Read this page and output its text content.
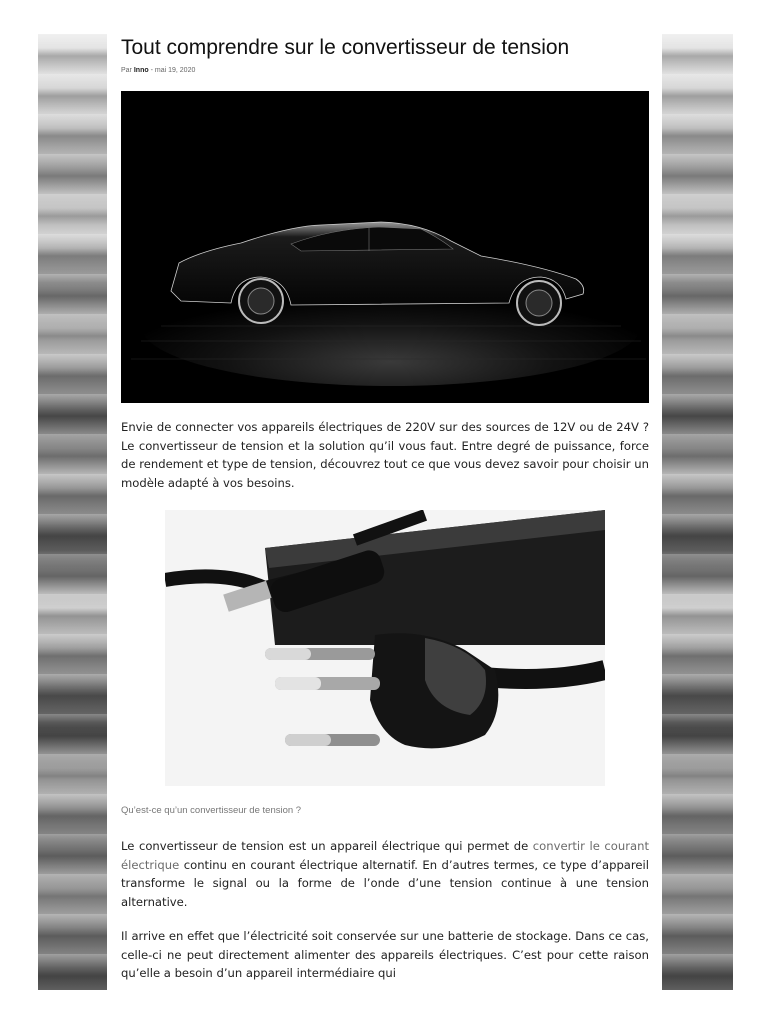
Tout comprendre sur le convertisseur de tension
Par Inno - mai 19, 2020

Envie de connecter vos appareils électriques de 220V sur des sources de 12V ou de 24V ? Le convertisseur de tension et la solution qu’il vous faut. Entre degré de puissance, force de rendement et type de tension, découvrez tout ce que vous devez savoir pour choisir un modèle adapté à vos besoins.

Qu’est-ce qu’un convertisseur de tension ?

Le convertisseur de tension est un appareil électrique qui permet de convertir le courant électrique continu en courant électrique alternatif. En d’autres termes, ce type d’appareil transforme le signal ou la forme de l’onde d’une tension continue à une tension alternative.

Il arrive en effet que l’électricité soit conservée sur une batterie de stockage. Dans ce cas, celle-ci ne peut directement alimenter des appareils électriques. C’est pour cette raison qu’elle a besoin d’un appareil intermédiaire qui
